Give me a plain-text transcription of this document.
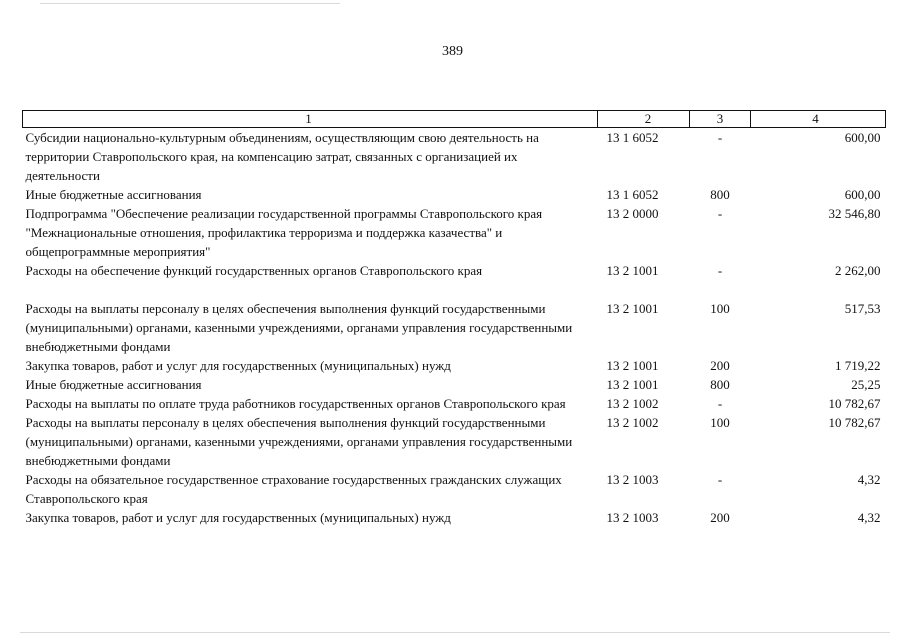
389
1	2	3	4
Субсидии национально-культурным объединениям, осуществляющим свою деятельность на территории Ставропольского края, на компенсацию затрат, связанных с организацией их деятельности	13 1 6052	-	600,00
Иные бюджетные ассигнования	13 1 6052	800	600,00
Подпрограмма "Обеспечение реализации государственной программы Ставропольского края "Межнациональные отношения, профилактика терроризма и поддержка казачества" и общепрограммные мероприятия"	13 2 0000	-	32 546,80
Расходы на обеспечение функций государственных органов Ставропольского края	13 2 1001	-	2 262,00
Расходы на выплаты персоналу в целях обеспечения выполнения функций государственными (муниципальными) органами, казенными учреждениями, органами управления государственными внебюджетными фондами	13 2 1001	100	517,53
Закупка товаров, работ и услуг для государственных (муниципальных) нужд	13 2 1001	200	1 719,22
Иные бюджетные ассигнования	13 2 1001	800	25,25
Расходы на выплаты по оплате труда работников государственных органов Ставропольского края	13 2 1002	-	10 782,67
Расходы на выплаты персоналу в целях обеспечения выполнения функций государственными (муниципальными) органами, казенными учреждениями, органами управления государственными внебюджетными фондами	13 2 1002	100	10 782,67
Расходы на обязательное государственное страхование государственных гражданских служащих Ставропольского края	13 2 1003	-	4,32
Закупка товаров, работ и услуг для государственных (муниципальных) нужд	13 2 1003	200	4,32
